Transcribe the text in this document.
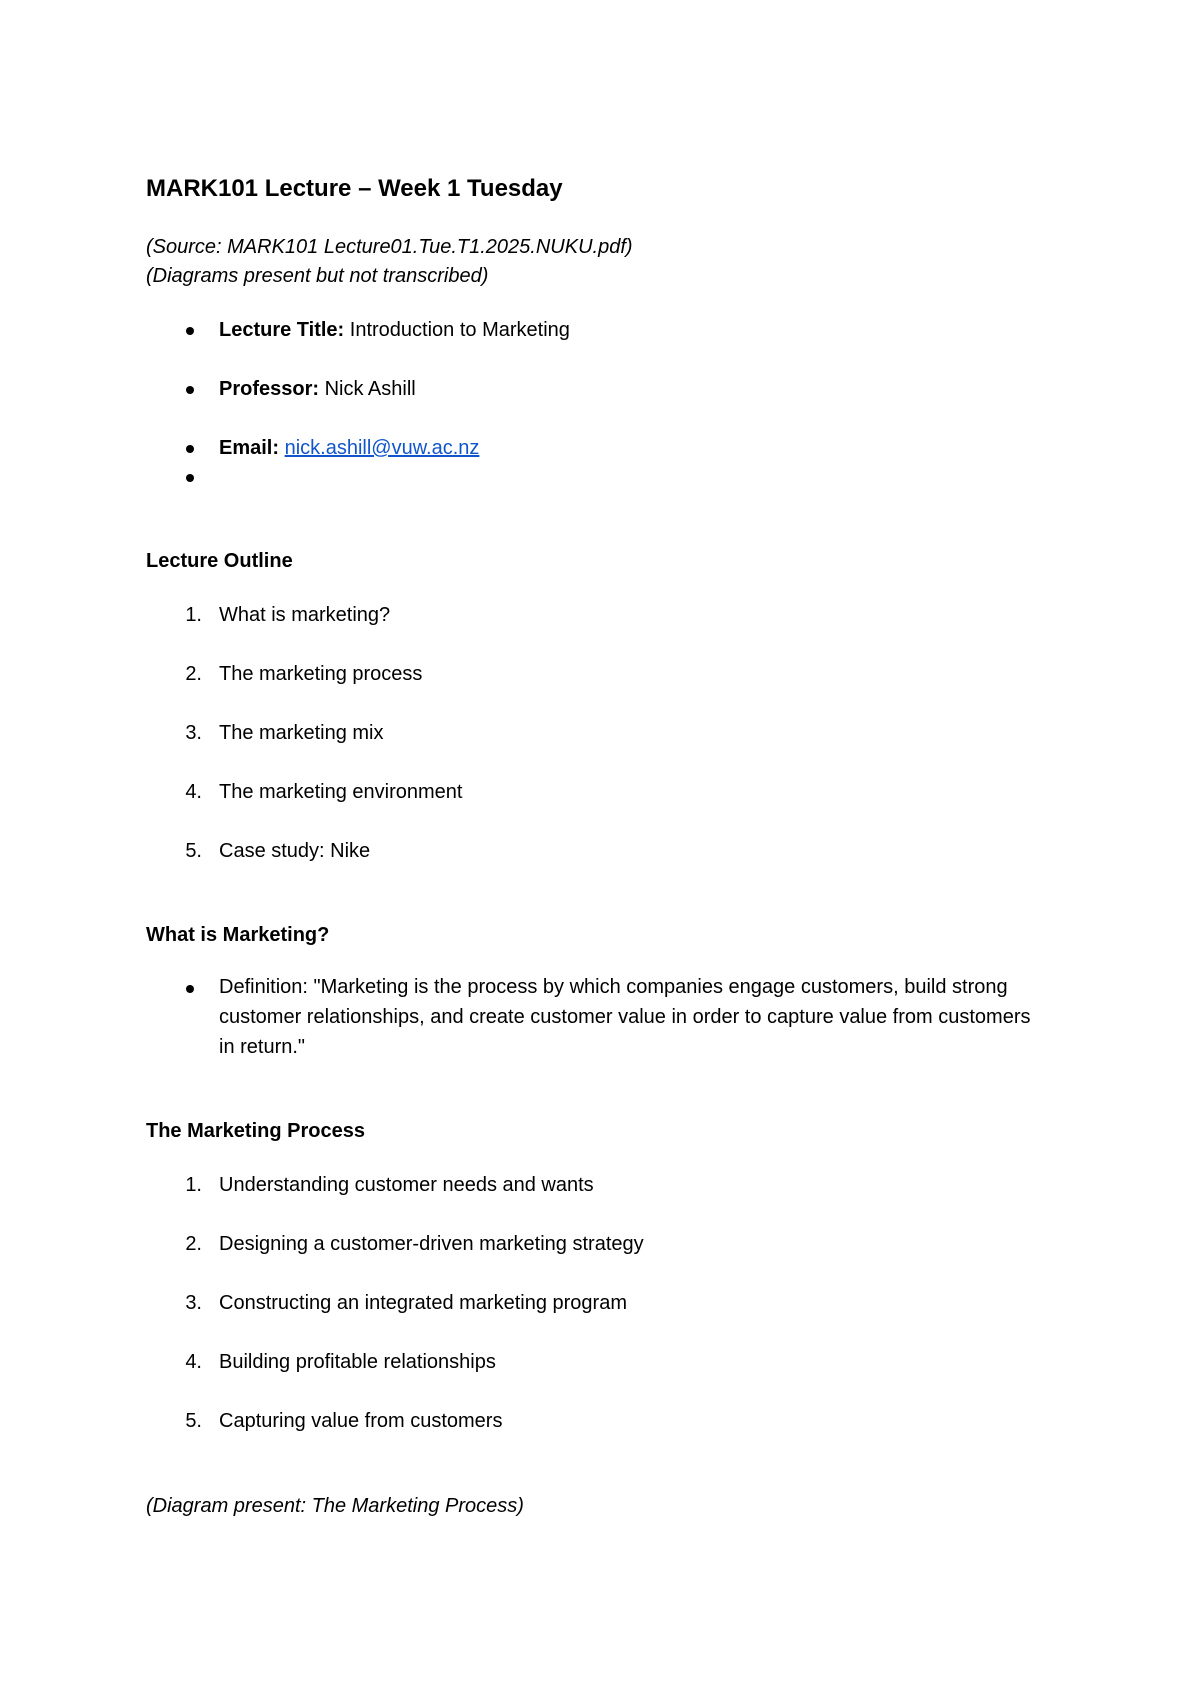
MARK101 Lecture – Week 1 Tuesday
(Source: MARK101 Lecture01.Tue.T1.2025.NUKU.pdf)
(Diagrams present but not transcribed)
Lecture Title: Introduction to Marketing
Professor: Nick Ashill
Email: nick.ashill@vuw.ac.nz
Lecture Outline
1. What is marketing?
2. The marketing process
3. The marketing mix
4. The marketing environment
5. Case study: Nike
What is Marketing?
Definition: "Marketing is the process by which companies engage customers, build strong customer relationships, and create customer value in order to capture value from customers in return."
The Marketing Process
1. Understanding customer needs and wants
2. Designing a customer-driven marketing strategy
3. Constructing an integrated marketing program
4. Building profitable relationships
5. Capturing value from customers
(Diagram present: The Marketing Process)
